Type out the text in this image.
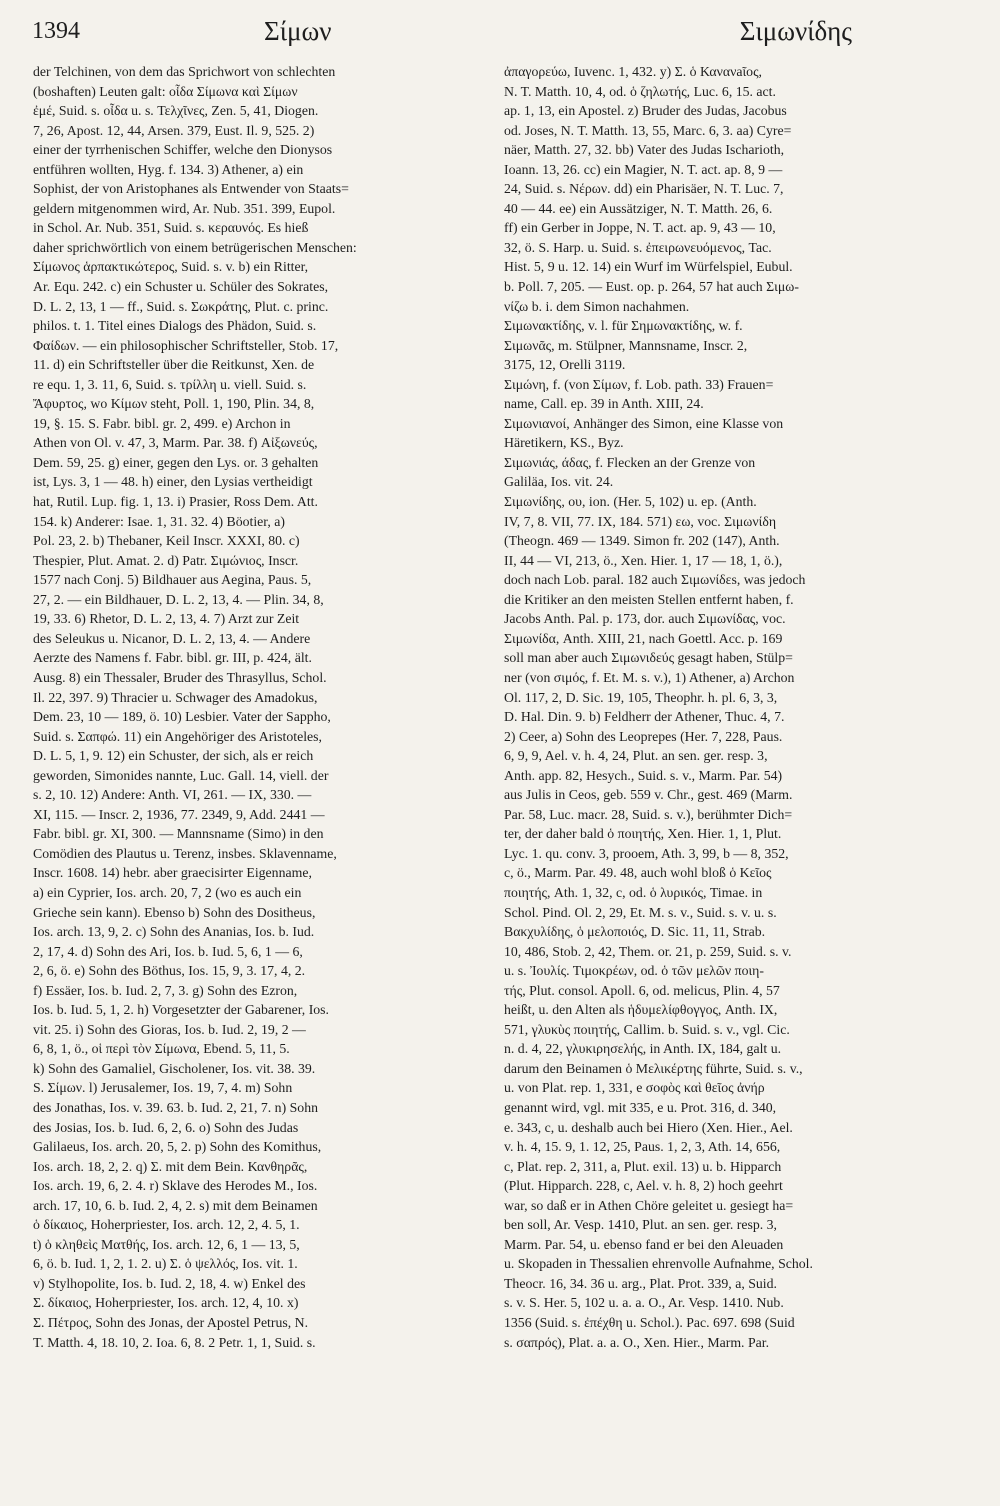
1394	Σίμων	Σιμωνίδης
der Telchinen, von dem das Sprichwort von schlechten
(boshaften) Leuten galt: οἶδα Σίμωνα καὶ Σίμων
ἐμέ, Suid. s. οἶδα u. s. Τελχῖνες, Zen. 5, 41, Diogen.
7, 26, Apost. 12, 44, Arsen. 379, Eust. Il. 9, 525. 2)
einer der tyrrhenischen Schiffer, welche den Dionysos
entführen wollten, Hyg. f. 134. 3) Athener, a) ein
Sophist, der von Aristophanes als Entwender von Staats=
geldern mitgenommen wird, Ar. Nub. 351. 399, Eupol.
in Schol. Ar. Nub. 351, Suid. s. κεραυνός. Es hieß
daher sprichwörtlich von einem betrügerischen Menschen:
Σίμωνος ἁρπακτικώτερος, Suid. s. v. b) ein Ritter,
Ar. Equ. 242. c) ein Schuster u. Schüler des Sokrates,
D. L. 2, 13, 1 — ff., Suid. s. Σωκράτης, Plut. c. princ.
philos. t. 1. Titel eines Dialogs des Phädon, Suid. s.
Φαίδων. — ein philosophischer Schriftsteller, Stob. 17,
11. d) ein Schriftsteller über die Reitkunst, Xen. de
re equ. 1, 3. 11, 6, Suid. s. τρίλλη u. viell. Suid. s.
Ἄφυρτος, wo Κίμων steht, Poll. 1, 190, Plin. 34, 8,
19, §. 15. S. Fabr. bibl. gr. 2, 499. e) Archon in
Athen von Ol. v. 47, 3, Marm. Par. 38. f) Αἰξωνεύς,
Dem. 59, 25. g) einer, gegen den Lys. or. 3 gehalten
ist, Lys. 3, 1 — 48. h) einer, den Lysias vertheidigt
hat, Rutil. Lup. fig. 1, 13. i) Prasier, Ross Dem. Att.
154. k) Anderer: Isae. 1, 31. 32. 4) Böotier, a)
Pol. 23, 2. b) Thebaner, Keil Inscr. XXXI, 80. c)
Thespier, Plut. Amat. 2. d) Patr. Σιμώνιος, Inscr.
1577 nach Conj. 5) Bildhauer aus Aegina, Paus. 5,
27, 2. — ein Bildhauer, D. L. 2, 13, 4. — Plin. 34, 8,
19, 33. 6) Rhetor, D. L. 2, 13, 4. 7) Arzt zur Zeit
des Seleukus u. Nicanor, D. L. 2, 13, 4. — Andere
Aerzte des Namens f. Fabr. bibl. gr. III, p. 424, ält.
Ausg. 8) ein Thessaler, Bruder des Thrasyllus, Schol.
Il. 22, 397. 9) Thracier u. Schwager des Amadokus,
Dem. 23, 10 — 189, ö. 10) Lesbier. Vater der Sappho,
Suid. s. Σαπφώ. 11) ein Angehöriger des Aristoteles,
D. L. 5, 1, 9. 12) ein Schuster, der sich, als er reich
geworden, Simonides nannte, Luc. Gall. 14, viell. der
s. 2, 10. 12) Andere: Anth. VI, 261. — IX, 330. —
XI, 115. — Inscr. 2, 1936, 77. 2349, 9, Add. 2441 —
Fabr. bibl. gr. XI, 300. — Mannsname (Simo) in den
Comödien des Plautus u. Terenz, insbes. Sklavenname,
Inscr. 1608. 14) hebr. aber graecisirter Eigenname,
a) ein Cyprier, Ios. arch. 20, 7, 2 (wo es auch ein
Grieche sein kann). Ebenso b) Sohn des Dositheus,
Ios. arch. 13, 9, 2. c) Sohn des Ananias, Ios. b. Iud.
2, 17, 4. d) Sohn des Ari, Ios. b. Iud. 5, 6, 1 — 6,
2, 6, ö. e) Sohn des Böthus, Ios. 15, 9, 3. 17, 4, 2.
f) Essäer, Ios. b. Iud. 2, 7, 3. g) Sohn des Ezron,
Ios. b. Iud. 5, 1, 2. h) Vorgesetzter der Gabarener, Ios.
vit. 25. i) Sohn des Gioras, Ios. b. Iud. 2, 19, 2 —
6, 8, 1, ö., οἱ περὶ τὸν Σίμωνα, Ebend. 5, 11, 5.
k) Sohn des Gamaliel, Gischolener, Ios. vit. 38. 39.
S. Σίμων. l) Jerusalemer, Ios. 19, 7, 4. m) Sohn
des Jonathas, Ios. v. 39. 63. b. Iud. 2, 21, 7. n) Sohn
des Josias, Ios. b. Iud. 6, 2, 6. o) Sohn des Judas
Galilaeus, Ios. arch. 20, 5, 2. p) Sohn des Komithus,
Ios. arch. 18, 2, 2. q) Σ. mit dem Bein. Κανθηρᾶς,
Ios. arch. 19, 6, 2. 4. r) Sklave des Herodes M., Ios.
arch. 17, 10, 6. b. Iud. 2, 4, 2. s) mit dem Beinamen
ὁ δίκαιος, Hoherpriester, Ios. arch. 12, 2, 4. 5, 1.
t) ὁ κληθεὶς Ματθής, Ios. arch. 12, 6, 1 — 13, 5,
6, ö. b. Iud. 1, 2, 1. 2. u) Σ. ὁ ψελλός, Ios. vit. 1.
v) Stylhopolite, Ios. b. Iud. 2, 18, 4. w) Enkel des
Σ. δίκαιος, Hoherpriester, Ios. arch. 12, 4, 10. x)
Σ. Πέτρος, Sohn des Jonas, der Apostel Petrus, N.
T. Matth. 4, 18. 10, 2. Ioa. 6, 8. 2 Petr. 1, 1, Suid. s.
ἀπαγορεύω, Iuvenc. 1, 432. y) Σ. ὁ Κανανaῖος,
N. T. Matth. 10, 4, od. ὁ ζηλωτής, Luc. 6, 15. act.
ap. 1, 13, ein Apostel. z) Bruder des Judas, Jacobus
od. Joses, N. T. Matth. 13, 55, Marc. 6, 3. aa) Cyre=
näer, Matth. 27, 32. bb) Vater des Judas Ischarioth,
Ioann. 13, 26. cc) ein Magier, N. T. act. ap. 8, 9 —
24, Suid. s. Νέρων. dd) ein Pharisäer, N. T. Luc. 7,
40 — 44. ee) ein Aussätziger, N. T. Matth. 26, 6.
ff) ein Gerber in Joppe, N. T. act. ap. 9, 43 — 10,
32, ö. S. Harp. u. Suid. s. ἐπειρωνευόμενος, Tac.
Hist. 5, 9 u. 12. 14) ein Wurf im Würfelspiel, Eubul.
b. Poll. 7, 205. — Eust. op. p. 264, 57 hat auch Σιμω-
νίζω b. i. dem Simon nachahmen.
Σιμωνακτίδης, v. l. für Σημωνακτίδης, w. f.
Σιμωνᾶς, m. Stülpner, Mannsname, Inscr. 2,
3175, 12, Orelli 3119.
Σιμώνη, f. (von Σίμων, f. Lob. path. 33) Frauen=
name, Call. ep. 39 in Anth. XIII, 24.
Σιμωνιανοί, Anhänger des Simon, eine Klasse von
Häretikern, KS., Byz.
Σιμωνιάς, άδας, f. Flecken an der Grenze von
Galiläa, Ios. vit. 24.
Σιμωνίδης, ου, ion. (Her. 5, 102) u. ep. (Anth.
IV, 7, 8. VII, 77. IX, 184. 571) εω, voc. Σιμωνίδη
(Theogn. 469 — 1349. Simon fr. 202 (147), Anth.
II, 44 — VI, 213, ö., Xen. Hier. 1, 17 — 18, 1, ö.),
doch nach Lob. paral. 182 auch Σιμωνίδεs, was jedoch
die Kritiker an den meisten Stellen entfernt haben, f.
Jacobs Anth. Pal. p. 173, dor. auch Σιμωνίδας, voc.
Σιμωνίδα, Anth. XIII, 21, nach Goettl. Acc. p. 169
soll man aber auch Σιμωνιδεύς gesagt haben, Stülp=
ner (von σιμός, f. Et. M. s. v.), 1) Athener, a) Archon
Ol. 117, 2, D. Sic. 19, 105, Theophr. h. pl. 6, 3, 3,
D. Hal. Din. 9. b) Feldherr der Athener, Thuc. 4, 7.
2) Ceer, a) Sohn des Leoprepes (Her. 7, 228, Paus.
6, 9, 9, Ael. v. h. 4, 24, Plut. an sen. ger. resp. 3,
Anth. app. 82, Hesych., Suid. s. v., Marm. Par. 54)
aus Julis in Ceos, geb. 559 v. Chr., gest. 469 (Marm.
Par. 58, Luc. macr. 28, Suid. s. v.), berühmter Dich=
ter, der daher bald ὁ ποιητής, Xen. Hier. 1, 1, Plut.
Lyc. 1. qu. conv. 3, prooem, Ath. 3, 99, b — 8, 352,
c, ö., Marm. Par. 49. 48, auch wohl bloß ὁ Κεῖος
ποιητής, Ath. 1, 32, c, od. ὁ λυρικός, Timae. in
Schol. Pind. Ol. 2, 29, Et. M. s. v., Suid. s. v. u. s.
Βακχυλίδης, ὁ μελοποιός, D. Sic. 11, 11, Strab.
10, 486, Stob. 2, 42, Them. or. 21, p. 259, Suid. s. v.
u. s. Ἰουλίς. Τιμοκρέων, od. ὁ τῶν μελῶν ποιη-
τής, Plut. consol. Apoll. 6, od. melicus, Plin. 4, 57
heißt, u. den Alten als ἡδυμελίφθογγος, Anth. IX,
571, γλυκὺς ποιητής, Callim. b. Suid. s. v., vgl. Cic.
n. d. 4, 22, γλυκιρησελής, in Anth. IX, 184, galt u.
darum den Beinamen ὁ Μελικέρτης führte, Suid. s. v.,
u. von Plat. rep. 1, 331, e σοφὸς καὶ θεῖος ἀνήρ
genannt wird, vgl. mit 335, e u. Prot. 316, d. 340,
e. 343, c, u. deshalb auch bei Hiero (Xen. Hier., Ael.
v. h. 4, 15. 9, 1. 12, 25, Paus. 1, 2, 3, Ath. 14, 656,
c, Plat. rep. 2, 311, a, Plut. exil. 13) u. b. Hipparch
(Plut. Hipparch. 228, c, Ael. v. h. 8, 2) hoch geehrt
war, so daß er in Athen Chöre geleitet u. gesiegt ha=
ben soll, Ar. Vesp. 1410, Plut. an sen. ger. resp. 3,
Marm. Par. 54, u. ebenso fand er bei den Aleuaden
u. Skopaden in Thessalien ehrenvolle Aufnahme, Schol.
Theocr. 16, 34. 36 u. arg., Plat. Prot. 339, a, Suid.
s. v. S. Her. 5, 102 u. a. a. O., Ar. Vesp. 1410. Nub.
1356 (Suid. s. ἐπέχθη u. Schol.). Pac. 697. 698 (Suid
s. σαπρός), Plat. a. a. O., Xen. Hier., Marm. Par.
